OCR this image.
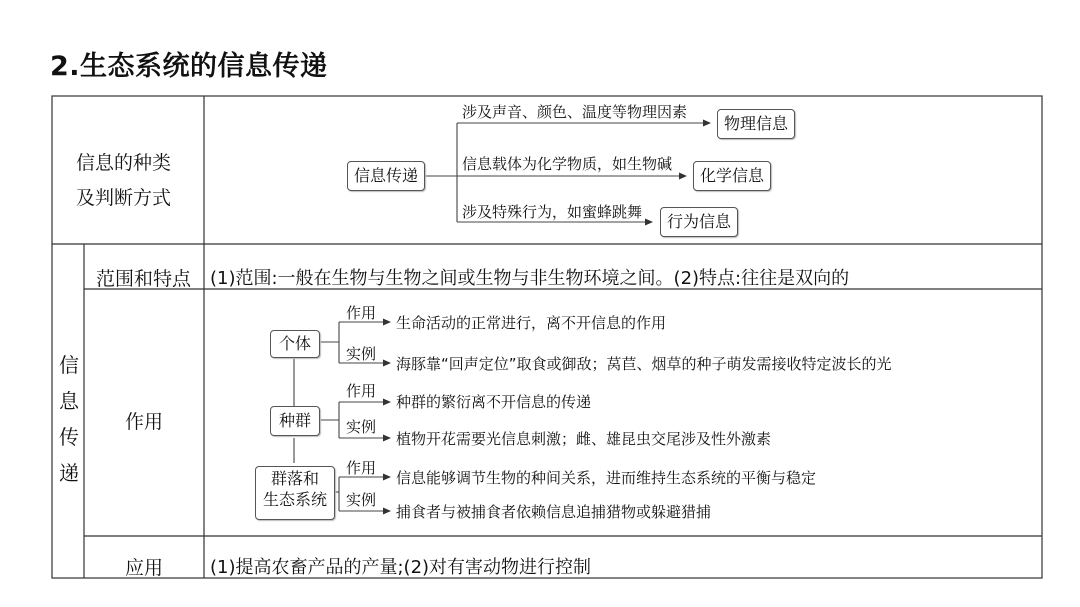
2.生态系统的信息传递
信息的种类
及判断方式
信息传递
涉及声音、颜色、温度等物理因素
物理信息
信息载体为化学物质，如生物碱
化学信息
涉及特殊行为，如蜜蜂跳舞	行为信息
信
息
传
递
范围和特点 (1)范围:一般在生物与生物之间或生物与非生物环境之间。(2)特点:往往是双向的
作用
个体
作用
生命活动的正常进行，离不开信息的作用
实例
海豚靠“回声定位”取食或御敌；莴苣、烟草的种子萌发需接收特定波长的光
种群
作用
种群的繁衍离不开信息的传递
实例
植物开花需要光信息刺激；雌、雄昆虫交尾涉及性外激素
群落和
生态系统
作用
信息能够调节生物的种间关系，进而维持生态系统的平衡与稳定
实例
捕食者与被捕食者依赖信息追捕猎物或躲避猎捕
应用	(1)提高农畜产品的产量;(2)对有害动物进行控制
